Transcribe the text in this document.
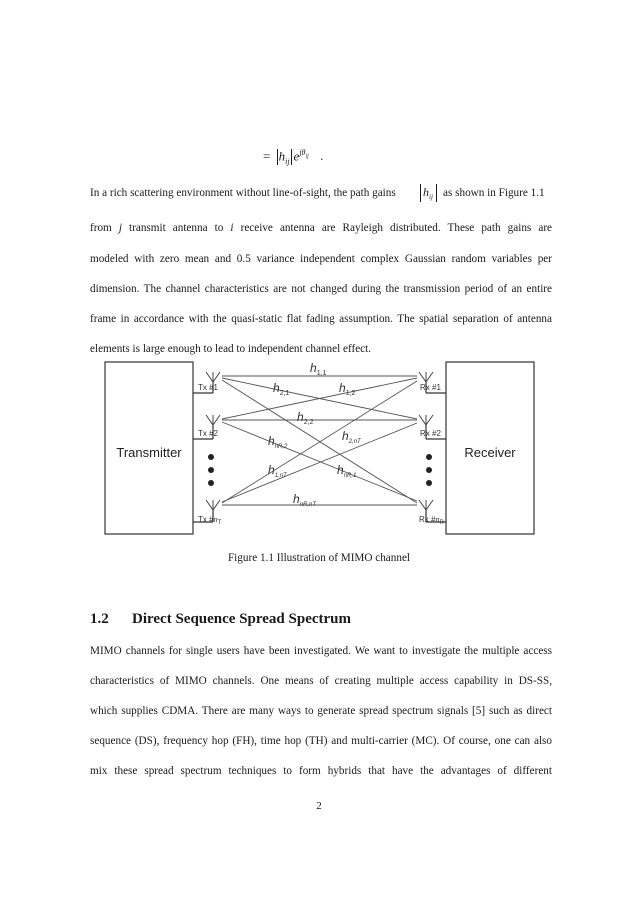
= $h_{ij}$ $e^{j\theta_{ij}}$ .
In a rich scattering environment without line-of-sight, the path gains $h_{ij}$ as shown in Figure 1.1
from j transmit antenna to i receive antenna are Rayleigh distributed. These path gains are
modeled with zero mean and 0.5 variance independent complex Gaussian random variables per
dimension. The channel characteristics are not changed during the transmission period of an entire
frame in accordance with the quasi-static flat fading assumption. The spatial separation of antenna
elements is large enough to lead to independent channel effect.
Transmitter	Receiver
Tx #1
Tx #2
Tx $\#n_T$
Rx #1
Rx #2
Rx $\#n_R$
$h_{1,1}$
$h_{2,1}$	$h_{1,2}$
$h_{2,2}$
$h_{nR,2}$
$h_{2,nT}$
$h_{1,nT}$	$h_{nR,1}$
$h_{nR,nT}$
Figure 1.1 Illustration of MIMO channel
1.2 Direct Sequence Spread Spectrum
MIMO channels for single users have been investigated. We want to investigate the multiple access
characteristics of MIMO channels. One means of creating multiple access capability in DS-SS,
which supplies CDMA. There are many ways to generate spread spectrum signals [5] such as direct
sequence (DS), frequency hop (FH), time hop (TH) and multi-carrier (MC). Of course, one can also
mix these spread spectrum techniques to form hybrids that have the advantages of different
2
